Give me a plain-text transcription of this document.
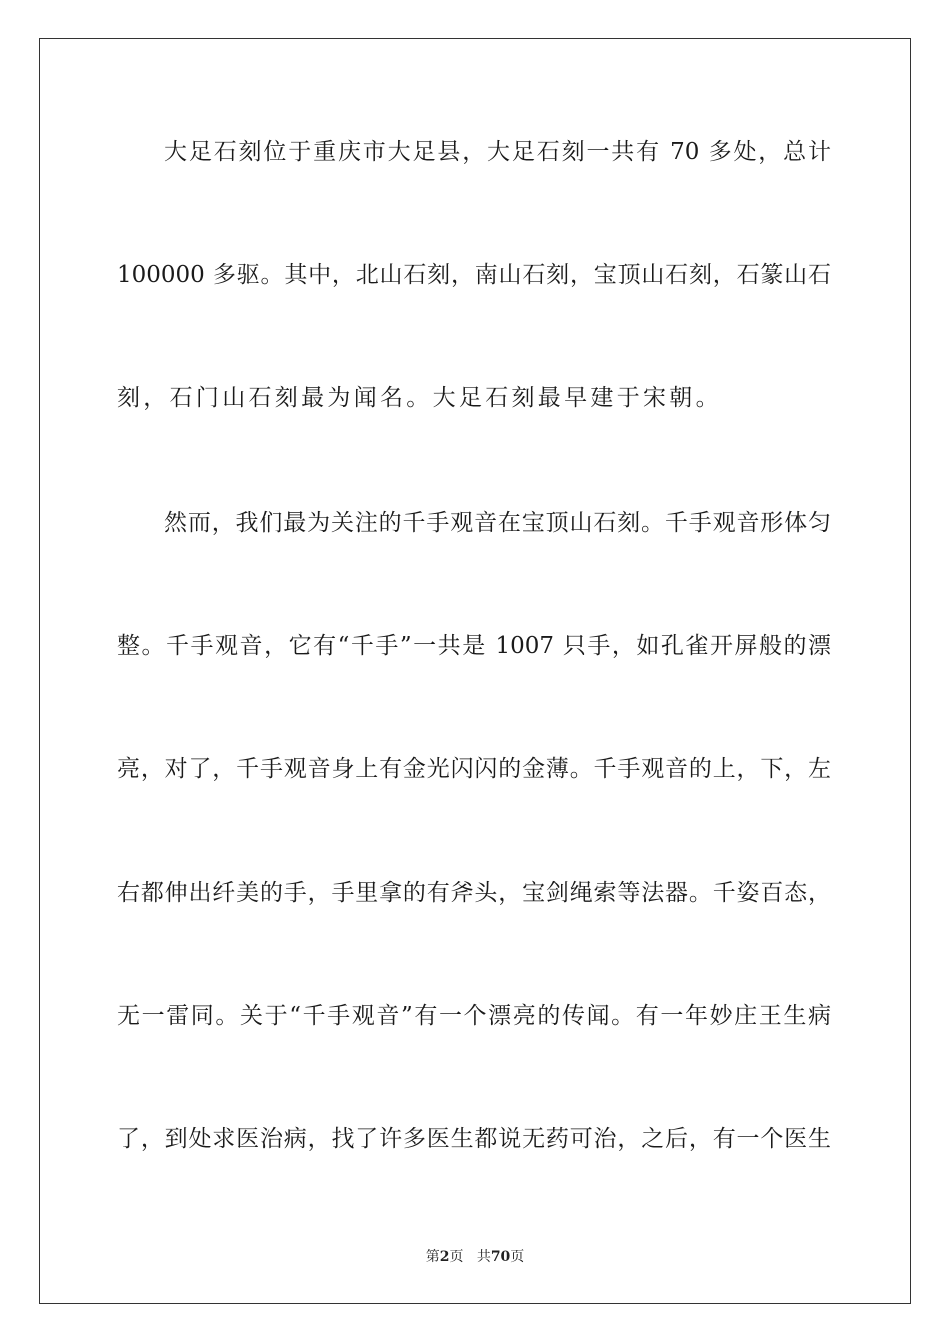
大足石刻位于重庆市大足县，大足石刻一共有 70 多处，总计
100000 多驱。其中，北山石刻，南山石刻，宝顶山石刻，石篆山石
刻，石门山石刻最为闻名。大足石刻最早建于宋朝。
然而，我们最为关注的千手观音在宝顶山石刻。千手观音形体匀
整。千手观音，它有“千手”一共是 1007 只手，如孔雀开屏般的漂
亮，对了，千手观音身上有金光闪闪的金薄。千手观音的上，下，左
右都伸出纤美的手，手里拿的有斧头，宝剑绳索等法器。千姿百态，
无一雷同。关于“千手观音”有一个漂亮的传闻。有一年妙庄王生病
了，到处求医治病，找了许多医生都说无药可治，之后，有一个医生
第2页 共70页
